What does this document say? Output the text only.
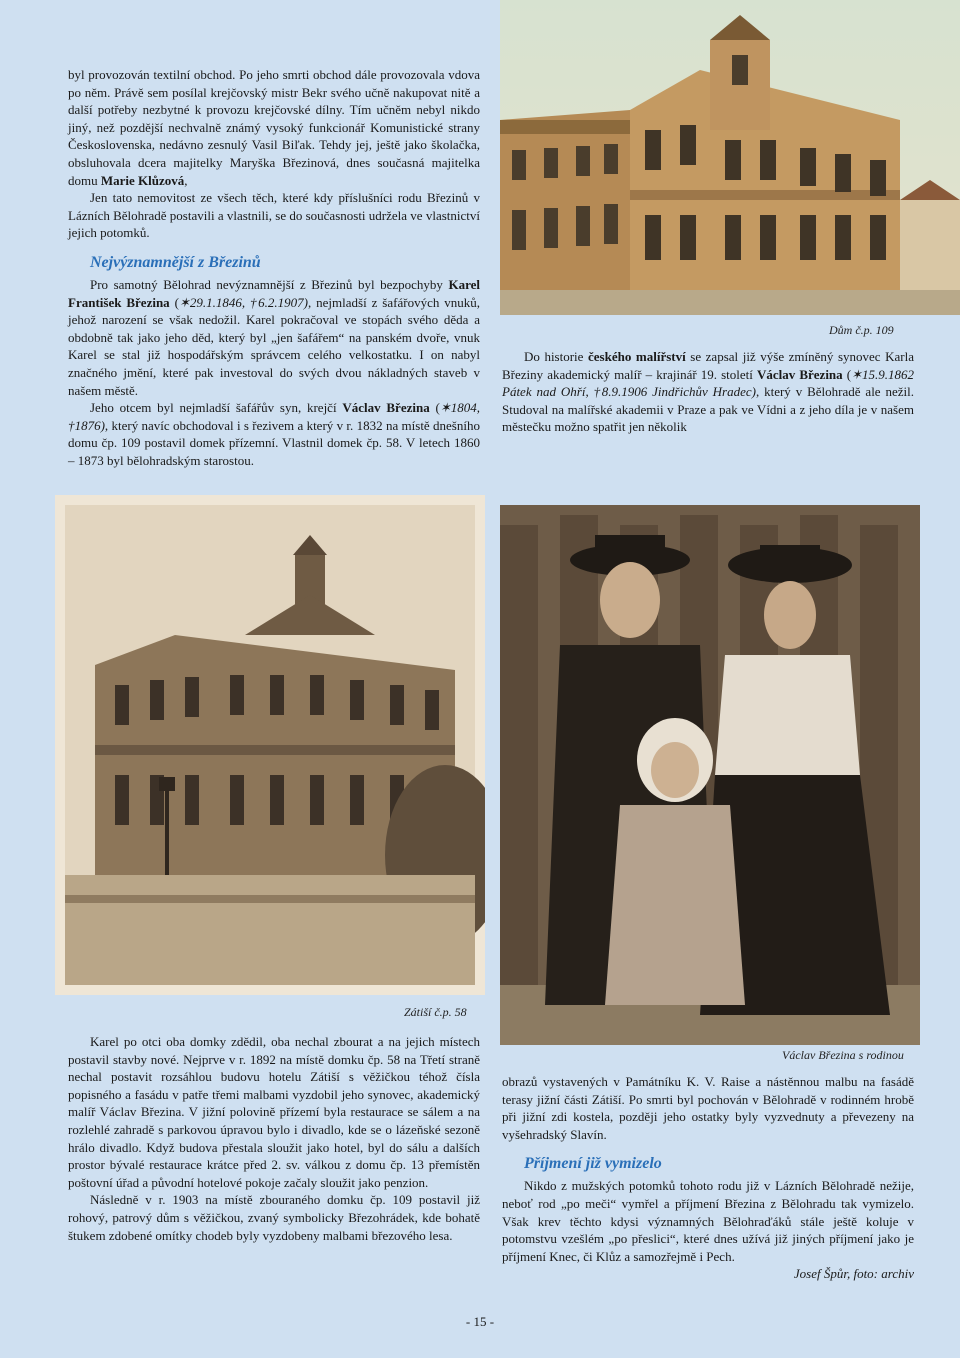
byl provozován textilní obchod. Po jeho smrti obchod dále provozovala vdova po něm. Právě sem posílal krejčovský mistr Bekr svého učně nakupovat nitě a další potřeby nezbytné k provozu krejčovské dílny. Tím učněm nebyl nikdo jiný, než pozdější nechvalně známý vysoký funkcionář Komunistické strany Československa, nedávno zesnulý Vasil Biľak. Tehdy jej, ještě jako školačka, obsluhovala dcera majitelky Maryška Březinová, dnes současná majitelka domu Marie Klůzová,

Jen tato nemovitost ze všech těch, které kdy příslušníci rodu Březinů v Lázních Bělohradě postavili a vlastnili, se do současnosti udržela ve vlastnictví jejich potomků.

Nejvýznamnější z Březinů

Pro samotný Bělohrad nevýznamnější z Březinů byl bezpochyby Karel František Březina (✶29.1.1846, †6.2.1907), nejmladší z šafářových vnuků, jehož narození se však nedožil. Karel pokračoval ve stopách svého děda a obdobně tak jako jeho děd, který byl „jen šafářem“ na panském dvoře, vnuk Karel se stal již hospodářským správcem celého velkostatku. I on nabyl značného jmění, které pak investoval do svých dvou nákladných staveb v našem městě.

Jeho otcem byl nejmladší šafářův syn, krejčí Václav Březina (✶1804, †1876), který navíc obchodoval i s řezivem a který v r. 1832 na místě dnešního domu čp. 109 postavil domek přízemní. Vlastnil domek čp. 58. V letech 1860 – 1873 byl bělohradským starostou.

Dům č.p. 109

Do historie českého malířství se zapsal již výše zmíněný synovec Karla Březiny akademický malíř – krajinář 19. století Václav Březina (✶15.9.1862 Pátek nad Ohří, †8.9.1906 Jindřichův Hradec), který v Bělohradě ale nežil. Studoval na malířské akademii v Praze a pak ve Vídni a z jeho díla je v našem městečku možno spatřit jen několik

Zátiší č.p. 58
Václav Březina s rodinou

Karel po otci oba domky zdědil, oba nechal zbourat a na jejich místech postavil stavby nové. Nejprve v r. 1892 na místě domku čp. 58 na Třetí straně nechal postavit rozsáhlou budovu hotelu Zátiší s věžičkou téhož čísla popisného a fasádu v patře třemi malbami vyzdobil jeho synovec, akademický malíř Václav Březina. V jižní polovině přízemí byla restaurace se sálem a na rozlehlé zahradě s parkovou úpravou bylo i divadlo, kde se o lázeňské sezoně hrálo divadlo. Když budova přestala sloužit jako hotel, byl do sálu a dalších prostor bývalé restaurace krátce před 2. sv. válkou z domu čp. 13 přemístěn poštovní úřad a původní hotelové pokoje začaly sloužit jako penzion.

Následně v r. 1903 na místě zbouraného domku čp. 109 postavil již rohový, patrový dům s věžičkou, zvaný symbolicky Březohrádek, kde bohatě štukem zdobené omítky chodeb byly vyzdobeny malbami březového lesa.

obrazů vystavených v Památníku K. V. Raise a nástěnnou malbu na fasádě terasy jižní části Zátiší. Po smrti byl pochován v Bělohradě v rodinném hrobě při jižní zdi kostela, později jeho ostatky byly vyzvednuty a převezeny na vyšehradský Slavín.

Příjmení již vymizelo

Nikdo z mužských potomků tohoto rodu již v Lázních Bělohradě nežije, neboť rod „po meči“ vymřel a příjmení Březina z Bělohradu tak vymizelo. Však krev těchto kdysi významných Bělohraďáků stále ještě koluje v potomstvu vzešlém „po přeslici“, které dnes užívá již jiných příjmení jako je příjmení Knec, či Klůz a samozřejmě i Pech.

Josef Špůr, foto: archiv

- 15 -
